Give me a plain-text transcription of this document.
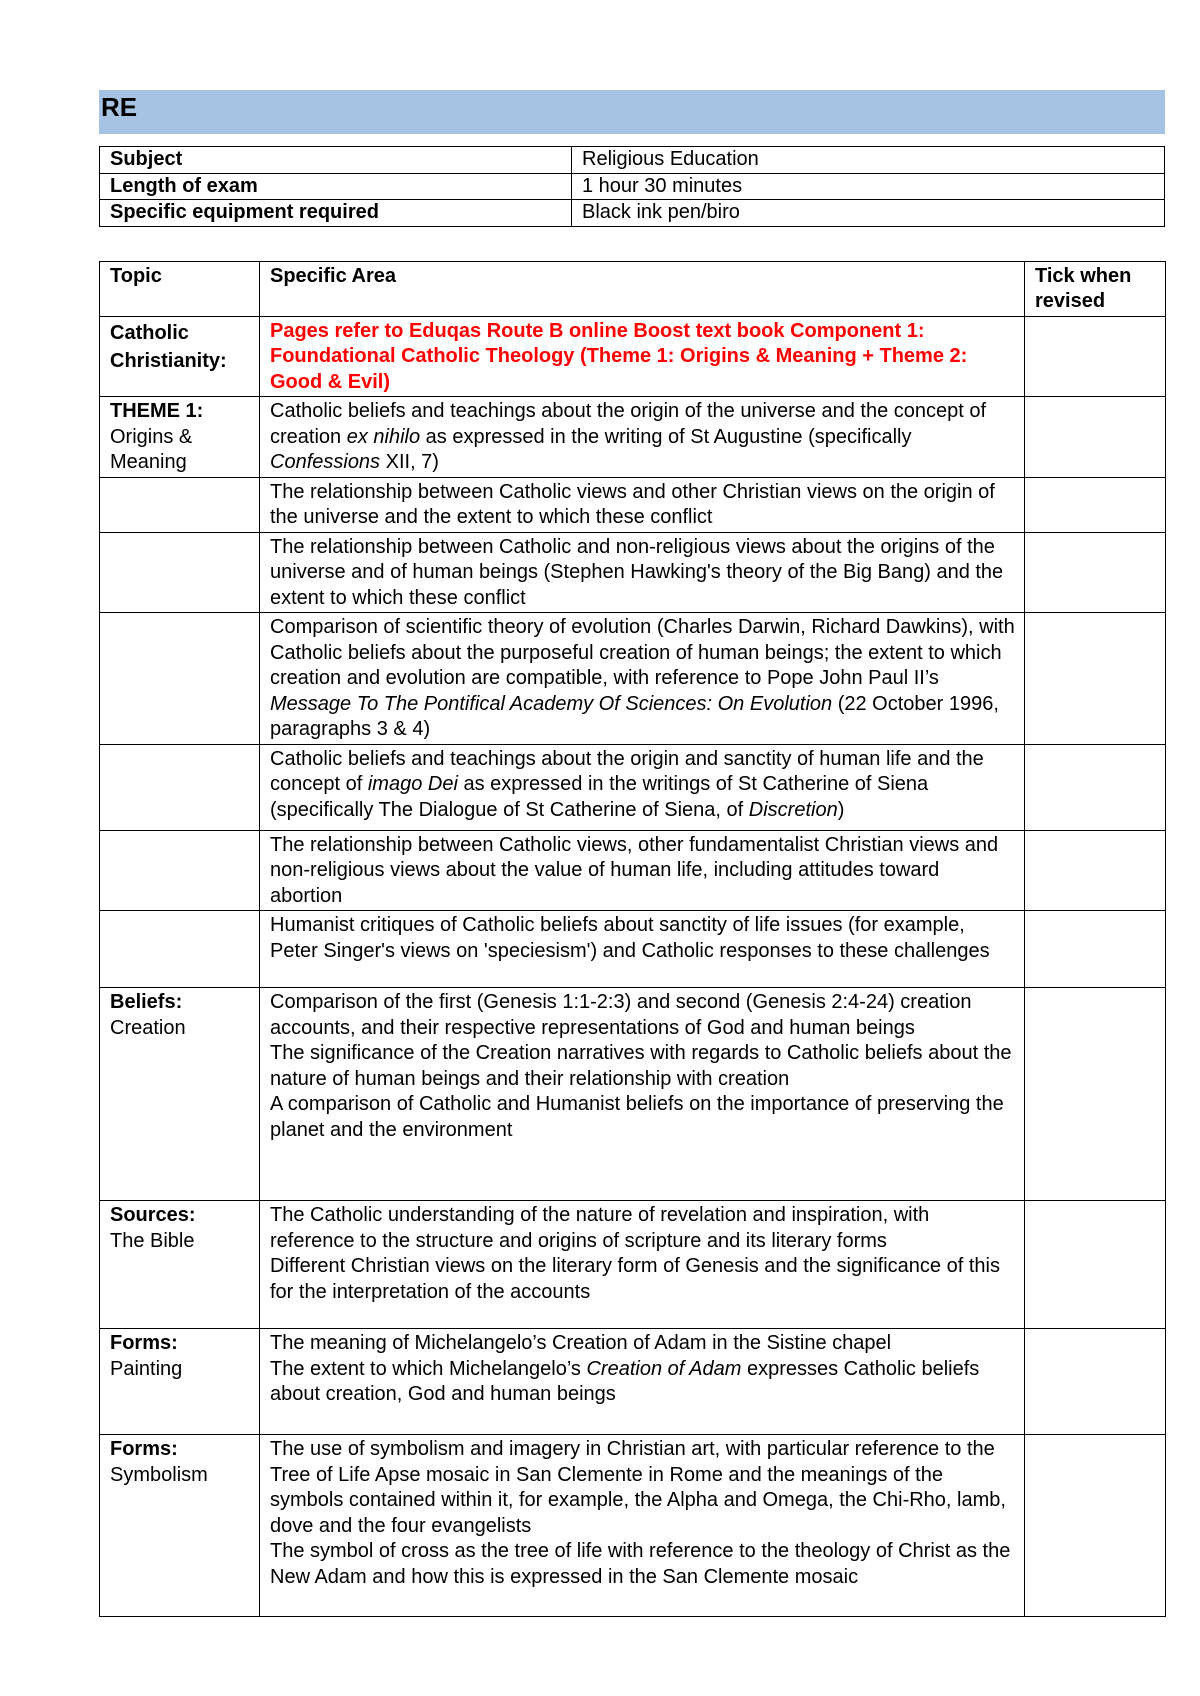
RE
Subject	Religious Education
Length of exam	1 hour 30 minutes
Specific equipment required	Black ink pen/biro
Topic	Specific Area	Tick when revised
Catholic Christianity:	Pages refer to Eduqas Route B online Boost text book Component 1: Foundational Catholic Theology (Theme 1: Origins & Meaning + Theme 2: Good & Evil)	

THEME 1:
Origins & Meaning	Catholic beliefs and teachings about the origin of the universe and the concept of creation ex nihilo as expressed in the writing of St Augustine (specifically Confessions XII, 7)	
	The relationship between Catholic views and other Christian views on the origin of the universe and the extent to which these conflict	
	The relationship between Catholic and non-religious views about the origins of the universe and of human beings (Stephen Hawking's theory of the Big Bang) and the extent to which these conflict	
	Comparison of scientific theory of evolution (Charles Darwin, Richard Dawkins), with Catholic beliefs about the purposeful creation of human beings; the extent to which creation and evolution are compatible, with reference to Pope John Paul II’s Message To The Pontifical Academy Of Sciences: On Evolution (22 October 1996, paragraphs 3 & 4)	
	Catholic beliefs and teachings about the origin and sanctity of human life and the concept of imago Dei as expressed in the writings of St Catherine of Siena (specifically The Dialogue of St Catherine of Siena, of Discretion)	
	The relationship between Catholic views, other fundamentalist Christian views and non-religious views about the value of human life, including attitudes toward abortion	
	Humanist critiques of Catholic beliefs about sanctity of life issues (for example, Peter Singer's views on 'speciesism') and Catholic responses to these challenges	

Beliefs:
Creation	Comparison of the first (Genesis 1:1-2:3) and second (Genesis 2:4-24) creation accounts, and their respective representations of God and human beings
The significance of the Creation narratives with regards to Catholic beliefs about the nature of human beings and their relationship with creation
A comparison of Catholic and Humanist beliefs on the importance of preserving the planet and the environment	

Sources:
The Bible	The Catholic understanding of the nature of revelation and inspiration, with reference to the structure and origins of scripture and its literary forms
Different Christian views on the literary form of Genesis and the significance of this for the interpretation of the accounts	

Forms:
Painting	The meaning of Michelangelo’s Creation of Adam in the Sistine chapel
The extent to which Michelangelo’s Creation of Adam expresses Catholic beliefs about creation, God and human beings	

Forms:
Symbolism	The use of symbolism and imagery in Christian art, with particular reference to the Tree of Life Apse mosaic in San Clemente in Rome and the meanings of the symbols contained within it, for example, the Alpha and Omega, the Chi-Rho, lamb, dove and the four evangelists
The symbol of cross as the tree of life with reference to the theology of Christ as the New Adam and how this is expressed in the San Clemente mosaic	
